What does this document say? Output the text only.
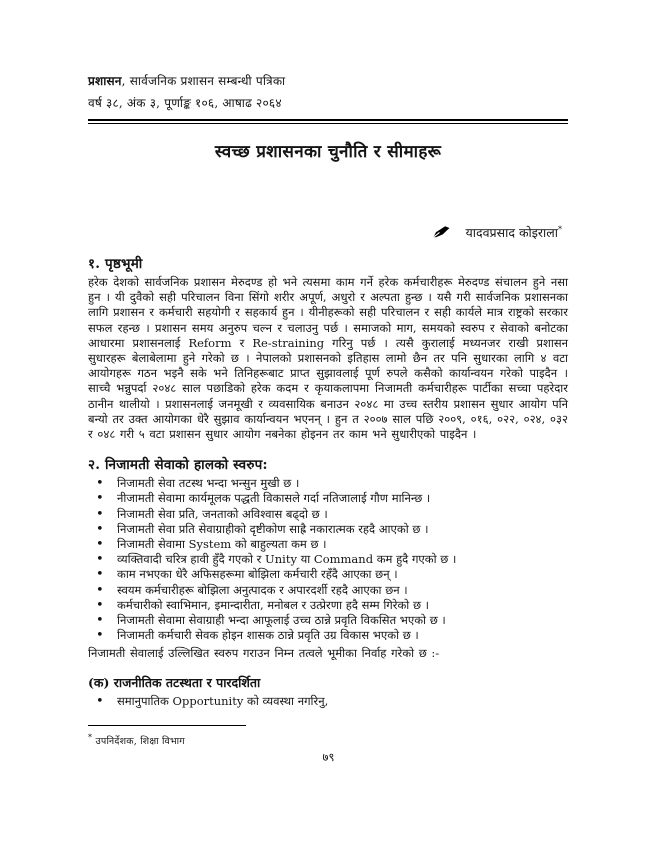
प्रशासन, सार्वजनिक प्रशासन सम्बन्धी पत्रिका
वर्ष ३८, अंक ३, पूर्णाङ्क १०६, आषाढ २०६४
स्वच्छ प्रशासनका चुनौति र सीमाहरू
यादवप्रसाद कोइराला*
१. पृष्ठभूमी

हरेक देशको सार्वजनिक प्रशासन मेरुदण्ड हो भने त्यसमा काम गर्ने हरेक कर्मचारीहरू मेरुदण्ड संचालन हुने नसा हुन । यी दुवैको सही परिचालन विना सिंगो शरीर अपूर्ण, अधुरो र अल्पता हुन्छ । यसै गरी सार्वजनिक प्रशासनका लागि प्रशासन र कर्मचारी सहयोगी र सहकार्य हुन । यीनीहरूको सही परिचालन र सही कार्यले मात्र राष्ट्रको सरकार सफल रहन्छ । प्रशासन समय अनुरुप चल्न र चलाउनु पर्छ । समाजको माग, समयको स्वरुप र सेवाको बनोटका आधारमा प्रशासनलाई Reform र Re-straining गरिनु पर्छ । त्यसै कुरालाई मध्यनजर राखी प्रशासन सुधारहरू बेलाबेलामा हुने गरेको छ । नेपालको प्रशासनको इतिहास लामो छैन तर पनि सुधारका लागि ४ वटा आयोगहरू गठन भइनै सके भने तिनिहरूबाट प्राप्त सुझावलाई पूर्ण रुपले कसैको कार्यान्वयन गरेको पाइदैन । साच्चै भन्नुपर्दा २०४८ साल पछाडिको हरेक कदम र कृयाकलापमा निजामती कर्मचारीहरू पार्टीका सच्चा पहरेदार ठानीन थालीयो । प्रशासनलाई जनमूखी र व्यवसायिक बनाउन २०४८ मा उच्च स्तरीय प्रशासन सुधार आयोग पनि बन्यो तर उक्त आयोगका धेरै सुझाव कार्यान्वयन भएनन् । हुन त २००७ साल पछि २००९, ०१६, ०२२, ०२४, ०३२ र ०४८ गरी ५ वटा प्रशासन सुधार आयोग नबनेका होइनन तर काम भने सुधारीएको पाइदैन ।

२. निजामती सेवाको हालको स्वरुप:
• निजामती सेवा तटस्थ भन्दा भन्सुन मुखी छ ।
• नीजामती सेवामा कार्यमूलक पद्धती विकासले गर्दा नतिजालाई गौण मानिन्छ ।
• निजामती सेवा प्रति, जनताको अविश्वास बढ्दो छ ।
• निजामती सेवा प्रति सेवाग्राहीको दृष्टीकोण साह्रै नकारात्मक रहदै आएको छ ।
• निजामती सेवामा System को बाहुल्यता कम छ ।
• व्यक्तिवादी चरित्र हावी हुँदै गएको र Unity या Command कम हुदै गएको छ ।
• काम नभएका धेरै अफिसहरूमा बोझिला कर्मचारी रहँदै आएका छन् ।
• स्वयम कर्मचारीहरू बोझिला अनुत्पादक र अपारदर्शी रहदै आएका छन ।
• कर्मचारीको स्वाभिमान, इमान्दारीता, मनोबल र उत्प्रेरणा हदै सम्म गिरेको छ ।
• निजामती सेवामा सेवाग्राही भन्दा आफूलाई उच्च ठान्ने प्रवृति विकसित भएको छ ।
• निजामती कर्मचारी सेवक होइन शासक ठान्ने प्रवृति उग्र विकास भएको छ ।

निजामती सेवालाई उल्लिखित स्वरुप गराउन निम्न तत्वले भूमीका निर्वाह गरेको छ :-

(क) राजनीतिक तटस्थता र पारदर्शिता
• समानुपातिक Opportunity को व्यवस्था नगरिनु,
* उपनिर्देशक, शिक्षा विभाग
७९
